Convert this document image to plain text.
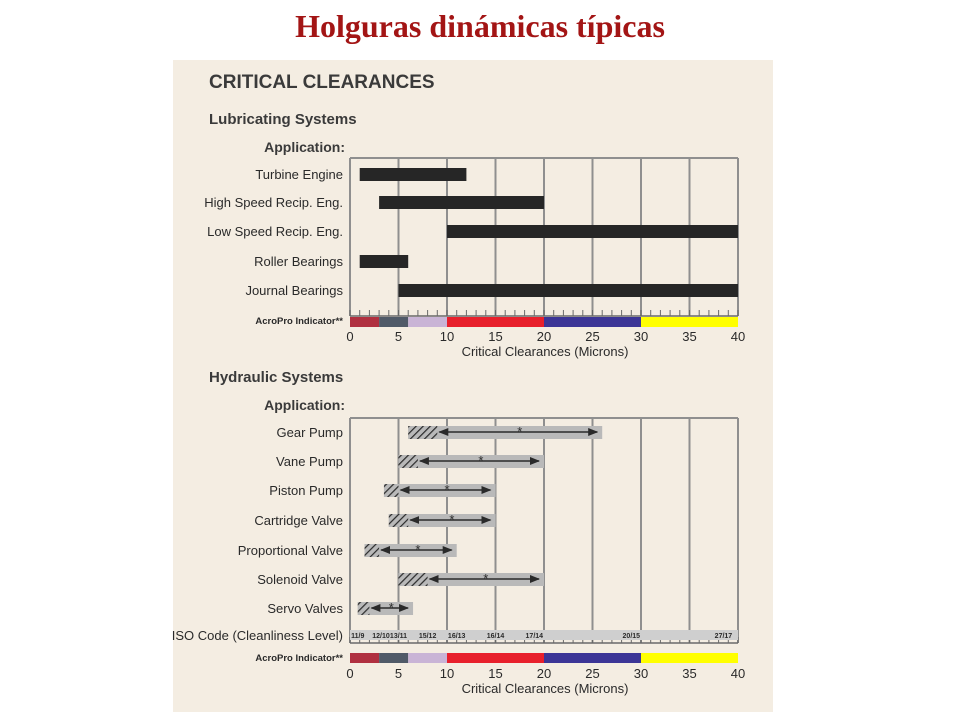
Holguras dinámicas típicas
CRITICAL CLEARANCES
Lubricating Systems
Application:
AcroPro Indicator**
Critical Clearances (Microns)
Hydraulic Systems
Application:
AcroPro Indicator**
ISO Code (Cleanliness Level)
Critical Clearances (Microns)
0	5	10	15	20	25	30	35	40
Turbine Engine
High Speed Recip. Eng.
Low Speed Recip. Eng.
Roller Bearings
Journal Bearings
0	5	10	15	20	25	30	35	40
11/9 12/10 13/11 15/12 16/13	16/14	17/14	20/15	27/17
Gear Pump	*
Vane Pump	*
Piston Pump	*
Cartridge Valve	*
Proportional Valve	*
Solenoid Valve	*
Servo Valves	*
